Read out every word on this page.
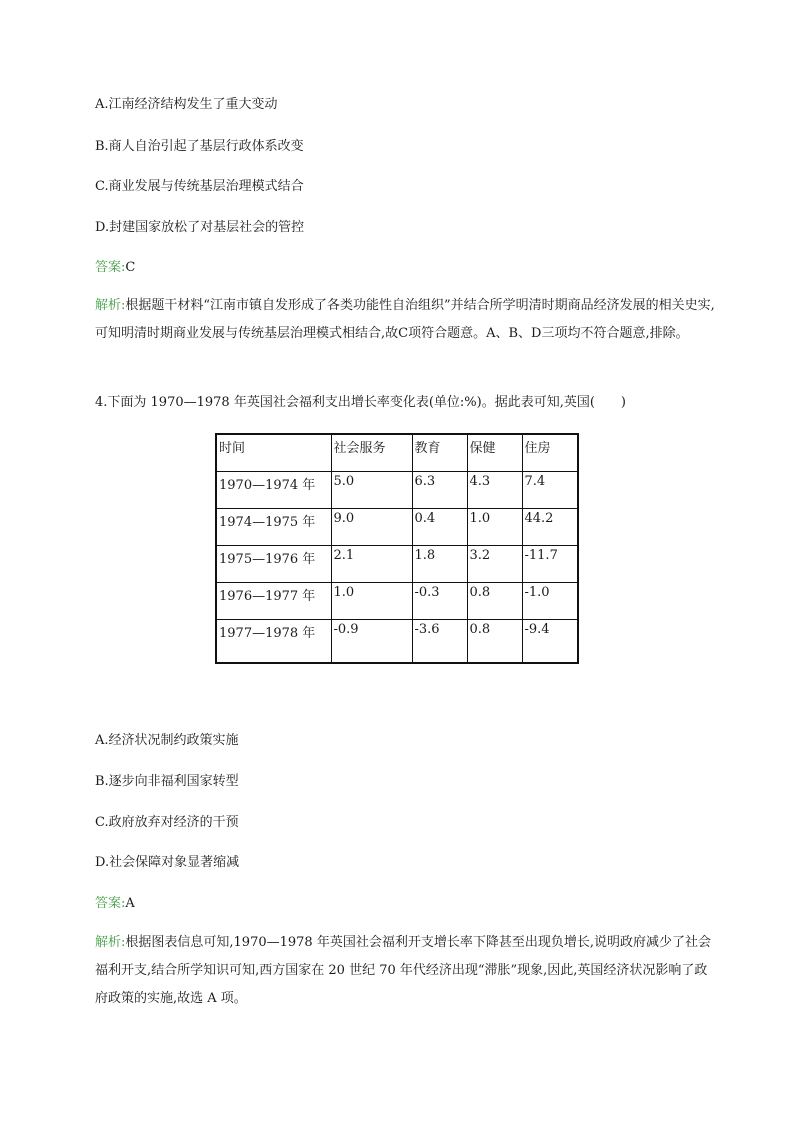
A.江南经济结构发生了重大变动
B.商人自治引起了基层行政体系改变
C.商业发展与传统基层治理模式结合
D.封建国家放松了对基层社会的管控
答案:C
解析:根据题干材料“江南市镇自发形成了各类功能性自治组织”并结合所学明清时期商品经济发展的相关史实,可知明清时期商业发展与传统基层治理模式相结合,故C项符合题意。A、B、D三项均不符合题意,排除。
4.下面为 1970—1978 年英国社会福利支出增长率变化表(单位:%)。据此表可知,英国(　　)
时间	社会服务	教育	保健	住房
1970—1974 年	5.0	6.3	4.3	7.4
1974—1975 年	9.0	0.4	1.0	44.2
1975—1976 年	2.1	1.8	3.2	-11.7
1976—1977 年	1.0	-0.3	0.8	-1.0
1977—1978 年	-0.9	-3.6	0.8	-9.4
A.经济状况制约政策实施
B.逐步向非福利国家转型
C.政府放弃对经济的干预
D.社会保障对象显著缩减
答案:A
解析:根据图表信息可知,1970—1978 年英国社会福利开支增长率下降甚至出现负增长,说明政府减少了社会福利开支,结合所学知识可知,西方国家在 20 世纪 70 年代经济出现“滞胀”现象,因此,英国经济状况影响了政府政策的实施,故选 A 项。
